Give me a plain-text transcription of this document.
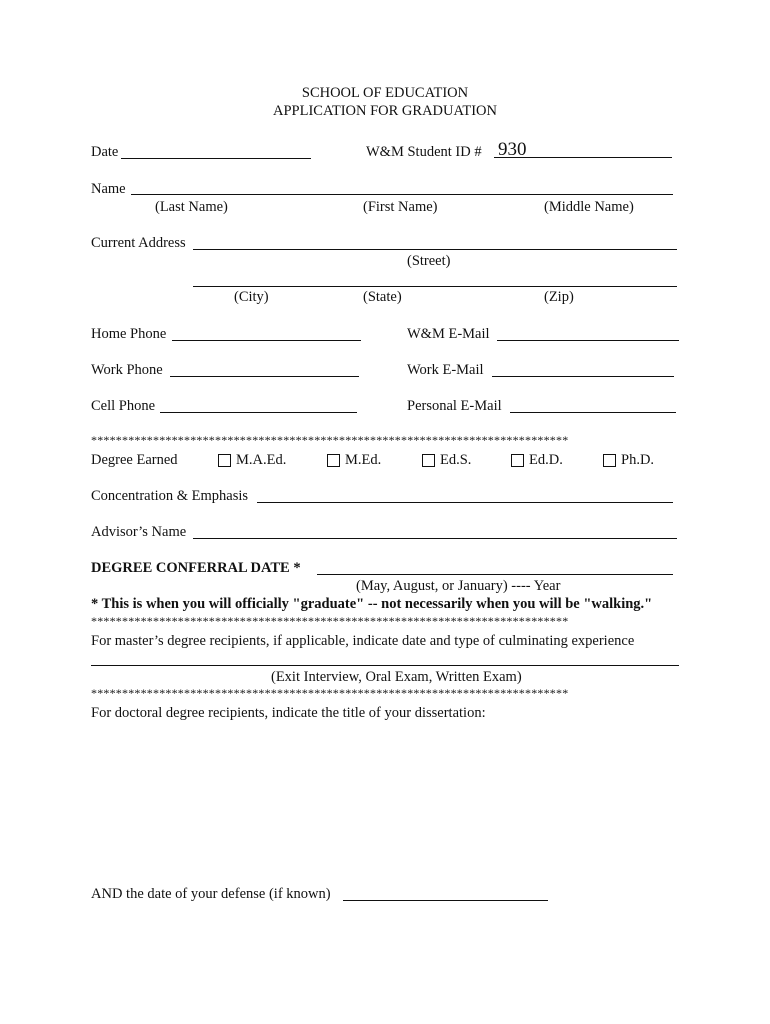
SCHOOL OF EDUCATION
APPLICATION FOR GRADUATION
Date	W&M Student ID # 930
Name
(Last Name)	(First Name)	(Middle Name)
Current Address
(Street)
(City)	(State)	(Zip)
Home Phone	W&M E-Mail
Work Phone	Work E-Mail
Cell Phone	Personal E-Mail
*****************************************************************************
Degree Earned	M.A.Ed.	M.Ed.	Ed.S.	Ed.D.	Ph.D.
Concentration & Emphasis
Advisor’s Name
DEGREE CONFERRAL DATE *
(May, August, or January) ---- Year
* This is when you will officially "graduate" -- not necessarily when you will be "walking."
*****************************************************************************
For master’s degree recipients, if applicable, indicate date and type of culminating experience
(Exit Interview, Oral Exam, Written Exam)
*****************************************************************************
For doctoral degree recipients, indicate the title of your dissertation:
AND the date of your defense (if known)
